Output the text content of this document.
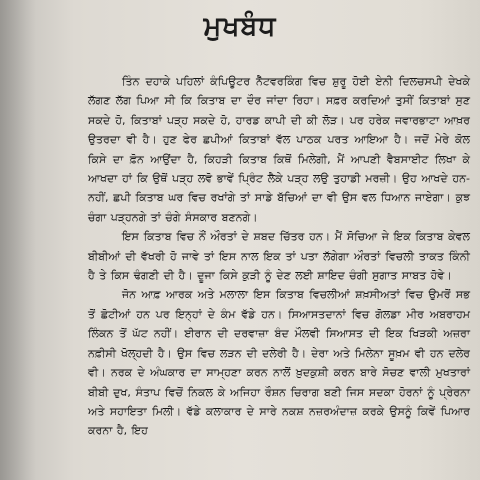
ਮੁਖਬੰਧ

ਤਿੰਨ ਦਹਾਕੇ ਪਹਿਲਾਂ ਕੰਪਿਊਟਰ ਨੈੱਟਵਰਕਿੰਗ ਵਿਚ ਸ਼ੁਰੂ ਹੋਈ ਏਨੀ ਦਿਲਚਸਪੀ ਦੇਖਕੇ ਲੱਗਣ ਲੱਗ ਪਿਆ ਸੀ ਕਿ ਕਿਤਾਬ ਦਾ ਦੌਰ ਜਾਂਦਾ ਰਿਹਾ। ਸਫ਼ਰ ਕਰਦਿਆਂ ਤੁਸੀਂ ਕਿਤਾਬਾਂ ਸੁਣ ਸਕਦੇ ਹੋ, ਕਿਤਾਬਾਂ ਪੜ੍ਹ ਸਕਦੇ ਹੋ, ਹਾਰਡ ਕਾਪੀ ਦੀ ਕੀ ਲੋੜ। ਪਰ ਹਰੇਕ ਜਵਾਰਭਾਟਾ ਆਖ਼ਰ ਉਤਰਦਾ ਵੀ ਹੈ। ਹੁਣ ਫੇਰ ਛਪੀਆਂ ਕਿਤਾਬਾਂ ਵੱਲ ਪਾਠਕ ਪਰਤ ਆਇਆ ਹੈ। ਜਦੋਂ ਮੇਰੇ ਕੋਲ ਕਿਸੇ ਦਾ ਫ਼ੋਨ ਆਉਂਦਾ ਹੈ, ਕਿਹੜੀ ਕਿਤਾਬ ਕਿਥੋਂ ਮਿਲੇਗੀ, ਮੈਂ ਆਪਣੀ ਵੈਬਸਾਈਟ ਲਿਖਾ ਕੇ ਆਖਦਾ ਹਾਂ ਕਿ ਉਥੋਂ ਪੜ੍ਹ ਲਵੋ ਭਾਵੇਂ ਪ੍ਰਿੰਟ ਲੈਕੇ ਪੜ੍ਹ ਲਉ ਤੁਹਾਡੀ ਮਰਜ਼ੀ। ਉਹ ਆਖਦੇ ਹਨ- ਨਹੀਂ, ਛਪੀ ਕਿਤਾਬ ਘਰ ਵਿਚ ਰਖਾਂਗੇ ਤਾਂ ਸਾਡੇ ਬੱਚਿਆਂ ਦਾ ਵੀ ਉਸ ਵਲ ਧਿਆਨ ਜਾਏਗਾ। ਕੁਝ ਚੰਗਾ ਪੜ੍ਹਨਗੇ ਤਾਂ ਚੰਗੇ ਸੰਸਕਾਰ ਬਣਨਗੇ।

ਇਸ ਕਿਤਾਬ ਵਿਚ ਨੌਂ ਔਰਤਾਂ ਦੇ ਸ਼ਬਦ ਚਿੱਤਰ ਹਨ। ਮੈਂ ਸੋਚਿਆ ਜੇ ਇਕ ਕਿਤਾਬ ਕੇਵਲ ਬੀਬੀਆਂ ਦੀ ਵੱਖਰੀ ਹੋ ਜਾਵੇ ਤਾਂ ਇਸ ਨਾਲ ਇਕ ਤਾਂ ਪਤਾ ਲੱਗੇਗਾ ਔਰਤਾਂ ਵਿਚਲੀ ਤਾਕਤ ਕਿੰਨੀ ਹੈ ਤੇ ਕਿਸ ਢੰਗਣੀ ਦੀ ਹੈ। ਦੂਜਾ ਕਿਸੇ ਕੁੜੀ ਨੂੰ ਦੇਣ ਲਈ ਸ਼ਾਇਦ ਚੰਗੀ ਸੁਗਾਤ ਸਾਬਤ ਹੋਵੇ।

ਜੋਨ ਆਫ਼ ਆਰਕ ਅਤੇ ਮਲਾਲਾ ਇਸ ਕਿਤਾਬ ਵਿਚਲੀਆਂ ਸ਼ਖ਼ਸੀਅਤਾਂ ਵਿਚ ਉਮਰੋਂ ਸਭ ਤੋਂ ਛੋਟੀਆਂ ਹਨ ਪਰ ਇਨ੍ਹਾਂ ਦੇ ਕੰਮ ਵੱਡੇ ਹਨ। ਸਿਆਸਤਦਾਨਾਂ ਵਿਚ ਗੋਲਡਾ ਮੀਰ ਅਬਰਾਹਮ ਲਿੰਕਨ ਤੋਂ ਘੱਟ ਨਹੀਂ। ਈਰਾਨ ਦੀ ਦਰਵਾਜ਼ਾ ਬੰਦ ਮੌਲਵੀ ਸਿਆਸਤ ਦੀ ਇਕ ਖਿੜਕੀ ਅਜ਼ਰਾ ਨਫ਼ੀਸੀ ਖੋਲ੍ਹਦੀ ਹੈ। ਉਸ ਵਿਚ ਲੜਨ ਦੀ ਦਲੇਰੀ ਹੈ। ਦੇਰਾ ਅਤੇ ਮਿਲੇਨਾ ਸੂਖ਼ਮ ਵੀ ਹਨ ਦਲੇਰ ਵੀ। ਨਰਕ ਦੇ ਅੰਘਕਾਰ ਦਾ ਸਾਮ੍ਹਣਾ ਕਰਨ ਨਾਲੋਂ ਖ਼ੁਦਕੁਸ਼ੀ ਕਰਨ ਬਾਰੇ ਸੋਚਣ ਵਾਲੀ ਮੁਖਤਾਰਾਂ ਬੀਬੀ ਦੁਖ, ਸੰਤਾਪ ਵਿਚੋਂ ਨਿਕਲ ਕੇ ਅਜਿਹਾ ਰੌਸ਼ਨ ਚਿਰਾਗ ਬਣੀ ਜਿਸ ਸਦਕਾ ਹੋਰਨਾਂ ਨੂੰ ਪ੍ਰੇਰਨਾ ਅਤੇ ਸਹਾਇਤਾ ਮਿਲੀ। ਵੱਡੇ ਕਲਾਕਾਰ ਦੇ ਸਾਰੇ ਨਕਸ਼ ਨਜ਼ਰਅੰਦਾਜ਼ ਕਰਕੇ ਉਸਨੂੰ ਕਿਵੇਂ ਪਿਆਰ ਕਰਨਾ ਹੈ, ਇਹ
